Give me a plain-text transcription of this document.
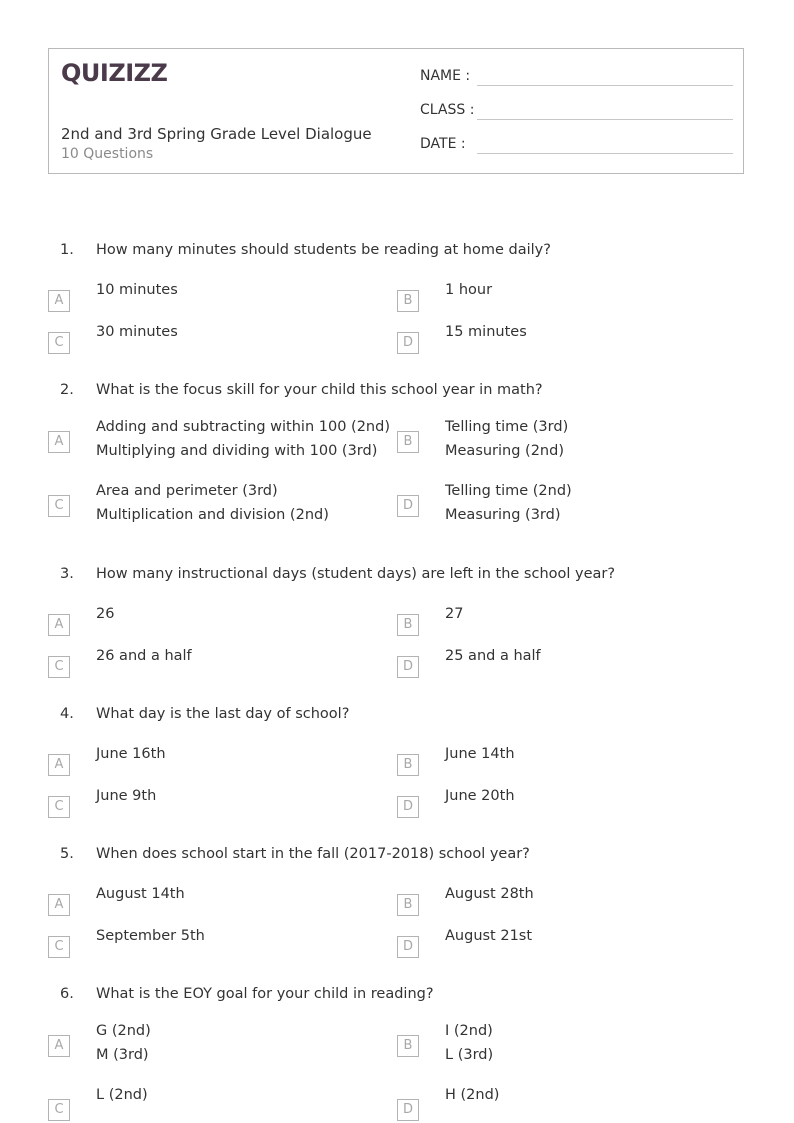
QUIZIZZ
2nd and 3rd Spring Grade Level Dialogue
10 Questions
NAME :
CLASS :
DATE :
1. How many minutes should students be reading at home daily?
A
10 minutes
B
1 hour
C
30 minutes
D
15 minutes
2. What is the focus skill for your child this school year in math?
A
Adding and subtracting within 100 (2nd)
Multiplying and dividing with 100 (3rd)
B
Telling time (3rd)
Measuring (2nd)
C
Area and perimeter (3rd)
Multiplication and division (2nd)
D
Telling time (2nd)
Measuring (3rd)
3. How many instructional days (student days) are left in the school year?
A
26
B
27
C
26 and a half
D
25 and a half
4. What day is the last day of school?
A
June 16th
B
June 14th
C
June 9th
D
June 20th
5. When does school start in the fall (2017-2018) school year?
A
August 14th
B
August 28th
C
September 5th
D
August 21st
6. What is the EOY goal for your child in reading?
A
G (2nd)
M (3rd)
B
I (2nd)
L (3rd)
C
L (2nd)
D
H (2nd)
